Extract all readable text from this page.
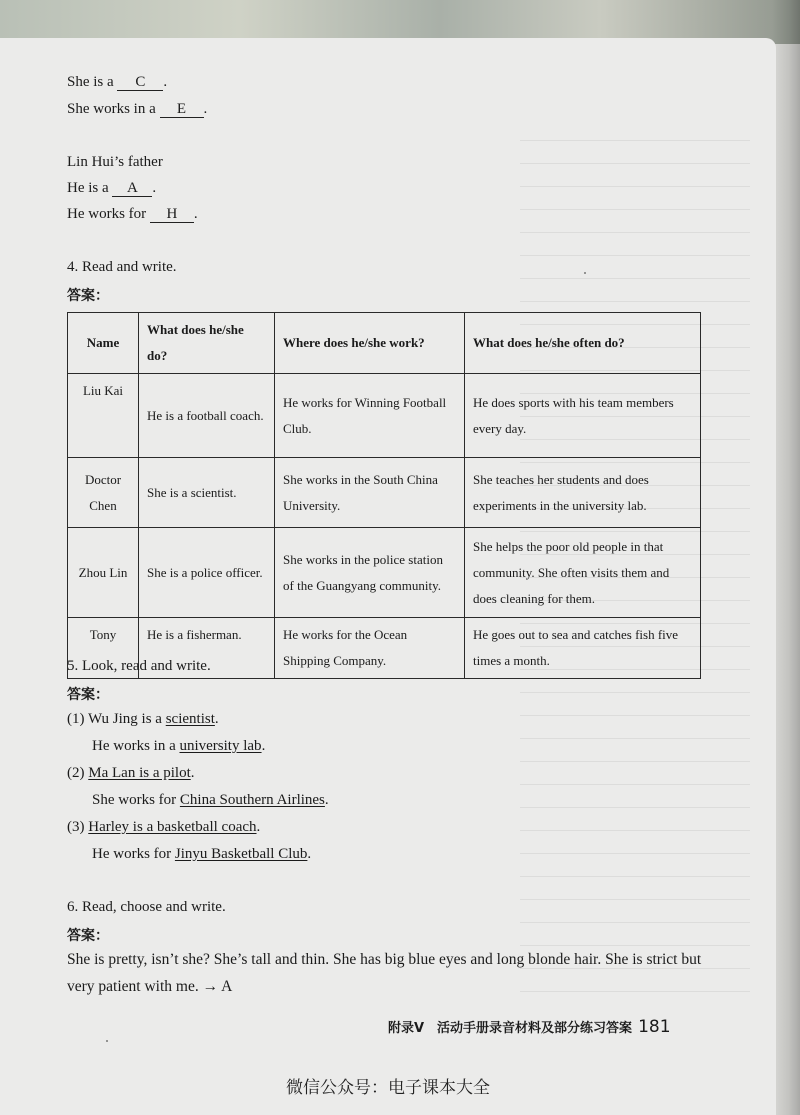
She is a C .
She works in a E .
Lin Hui’s father
He is a A .
He works for H .
4. Read and write.
答案：
Name	What does he/she do?	Where does he/she work?	What does he/she often do?
Liu Kai	He is a football coach.	He works for Winning Football Club.	He does sports with his team members every day.
Doctor Chen	She is a scientist.	She works in the South China University.	She teaches her students and does experiments in the university lab.
Zhou Lin	She is a police officer.	She works in the police station of the Guangyang community.	She helps the poor old people in that community. She often visits them and does cleaning for them.
Tony	He is a fisherman.	He works for the Ocean Shipping Company.	He goes out to sea and catches fish five times a month.
5. Look, read and write.
答案：
(1) Wu Jing is a scientist.
He works in a university lab.
(2) Ma Lan is a pilot.
She works for China Southern Airlines.
(3) Harley is a basketball coach.
He works for Jinyu Basketball Club.
6. Read, choose and write.
答案：
She is pretty, isn’t she? She’s tall and thin. She has big blue eyes and long blonde hair. She is strict but very patient with me. → A
附录V　活动手册录音材料及部分练习答案 181
微信公众号：电子课本大全
